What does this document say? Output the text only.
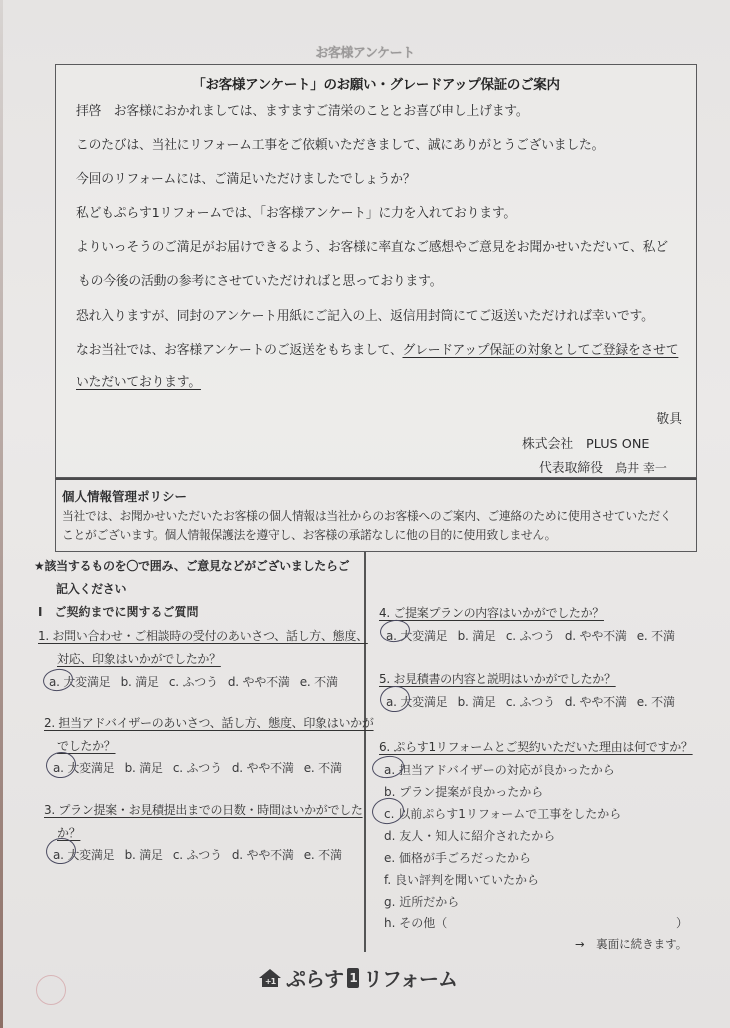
お客様アンケート
「お客様アンケート」のお願い・グレードアップ保証のご案内
拝啓　お客様におかれましては、ますますご清栄のこととお喜び申し上げます。
このたびは、当社にリフォーム工事をご依頼いただきまして、誠にありがとうございました。
今回のリフォームには、ご満足いただけましたでしょうか？
私どもぷらす1リフォームでは、「お客様アンケート」に力を入れております。
よりいっそうのご満足がお届けできるよう、お客様に率直なご感想やご意見をお聞かせいただいて、私ど
もの今後の活動の参考にさせていただければと思っております。
恐れ入りますが、同封のアンケート用紙にご記入の上、返信用封筒にてご返送いただければ幸いです。
なお当社では、お客様アンケートのご返送をもちまして、グレードアップ保証の対象としてご登録をさせて
いただいております。
敬具
株式会社　PLUS ONE
代表取締役 鳥井 幸一
個人情報管理ポリシー
当社では、お聞かせいただいたお客様の個人情報は当社からのお客様へのご案内、ご連絡のために使用させていただく
ことがございます。個人情報保護法を遵守し、お客様の承諾なしに他の目的に使用致しません。
★該当するものを〇で囲み、ご意見などがございましたらご
記入ください
Ⅰ　ご契約までに関するご質問
1. お問い合わせ・ご相談時の受付のあいさつ、話し方、態度、
対応、印象はいかがでしたか？
a. 大変満足 b. 満足 c. ふつう d. やや不満 e. 不満
2. 担当アドバイザーのあいさつ、話し方、態度、印象はいかが
でしたか？
a. 大変満足 b. 満足 c. ふつう d. やや不満 e. 不満
3. プラン提案・お見積提出までの日数・時間はいかがでした
か？
a. 大変満足 b. 満足 c. ふつう d. やや不満 e. 不満
4. ご提案プランの内容はいかがでしたか？
a. 大変満足 b. 満足 c. ふつう d. やや不満 e. 不満
5. お見積書の内容と説明はいかがでしたか？
a. 大変満足 b. 満足 c. ふつう d. やや不満 e. 不満
6. ぷらす1リフォームとご契約いただいた理由は何ですか？
a. 担当アドバイザーの対応が良かったから
b. プラン提案が良かったから
c. 以前ぷらす1リフォームで工事をしたから
d. 友人・知人に紹介されたから
e. 価格が手ごろだったから
f. 良い評判を聞いていたから
g. 近所だから
h. その他（	）
→　裏面に続きます。
+1 ぷらす 1 リフォーム
